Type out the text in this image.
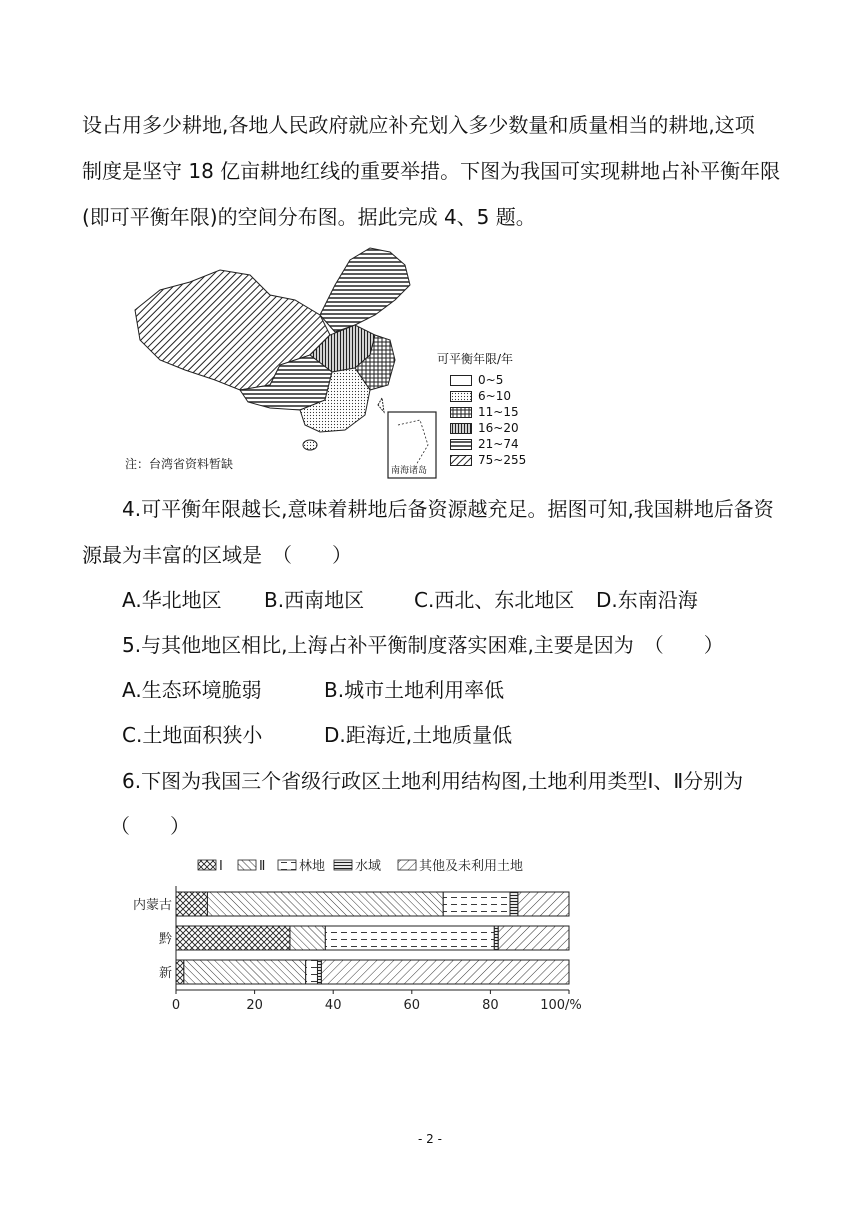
设占用多少耕地,各地人民政府就应补充划入多少数量和质量相当的耕地,这项
制度是坚守 18 亿亩耕地红线的重要举措。下图为我国可实现耕地占补平衡年限
(即可平衡年限)的空间分布图。据此完成 4、5 题。
南海诸岛
注：台湾省资料暂缺
可平衡年限/年
0~5
6~10
11~15
16~20
21~74
75~255
4.可平衡年限越长,意味着耕地后备资源越充足。据图可知,我国耕地后备资
源最为丰富的区域是　（　　）
A.华北地区 B.西南地区 C.西北、东北地区 D.东南沿海
5.与其他地区相比,上海占补平衡制度落实困难,主要是因为　（　　）
A.生态环境脆弱	B.城市土地利用率低
C.土地面积狭小	D.距海近,土地质量低
6.下图为我国三个省级行政区土地利用结构图,土地利用类型Ⅰ、Ⅱ分别为
（　　）
Ⅰ	Ⅱ	林地 水域	其他及未利用土地
内蒙古
黔
新
0	20	40	60	80	100/%
- 2 -
